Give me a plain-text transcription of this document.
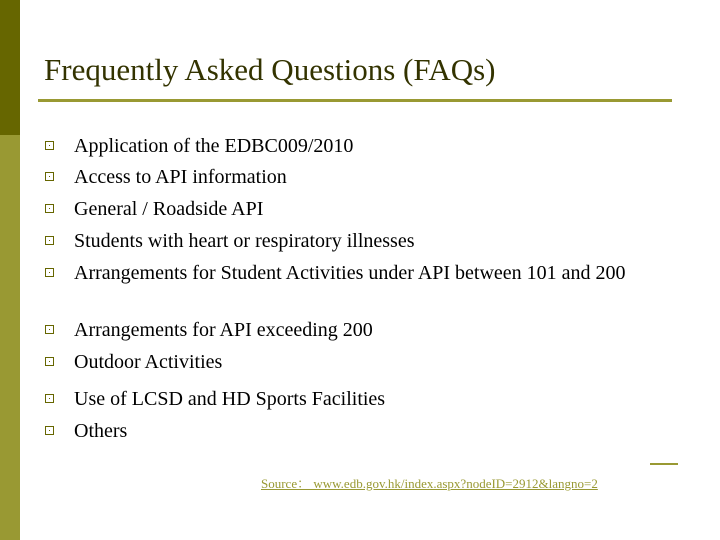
Frequently Asked Questions (FAQs)
Application of the EDBC009/2010
Access to API information
General / Roadside API
Students with heart or respiratory illnesses
Arrangements for Student Activities under API between 101 and 200
Arrangements for API exceeding 200
Outdoor Activities
Use of LCSD and HD Sports Facilities
Others
Source： www.edb.gov.hk/index.aspx?nodeID=2912&langno=2
